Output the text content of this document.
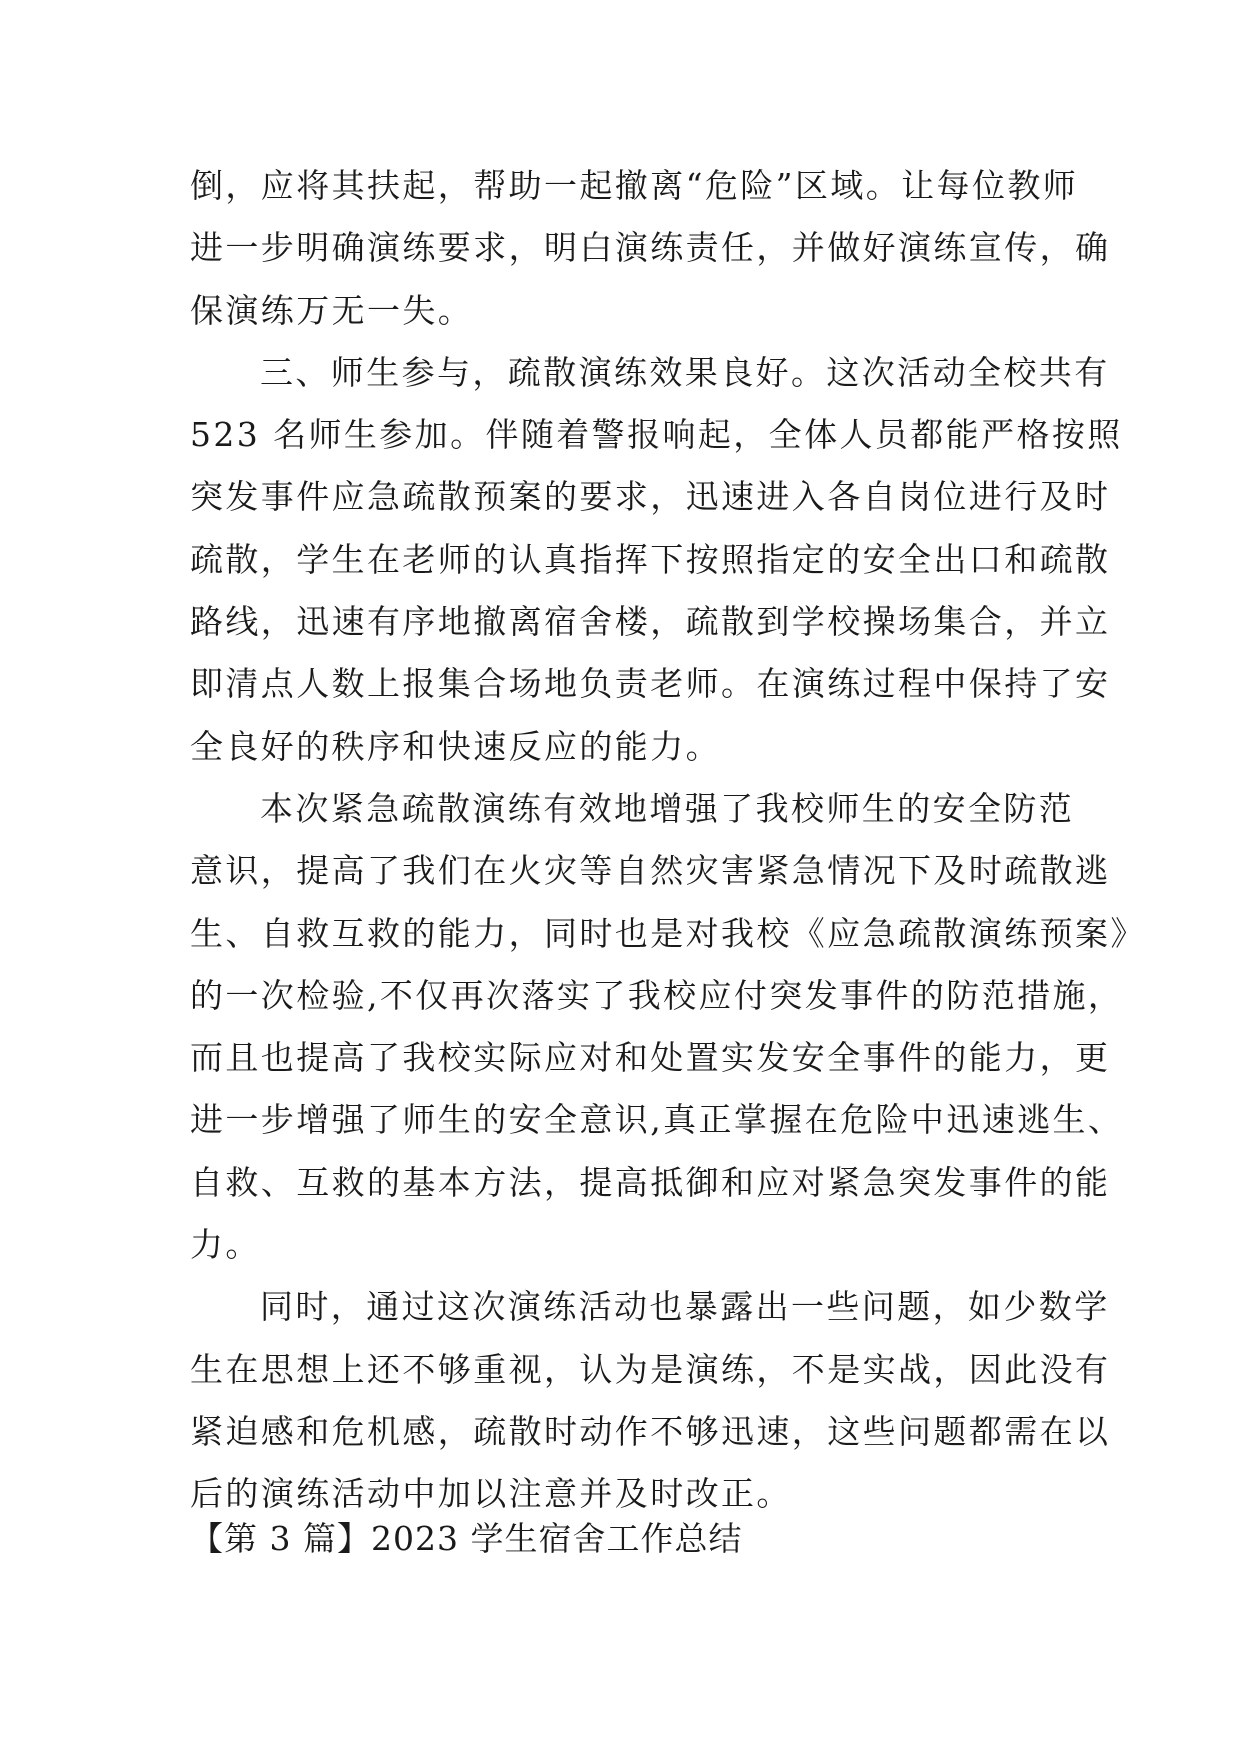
倒，应将其扶起，帮助一起撤离“危险”区域。让每位教师
进一步明确演练要求，明白演练责任，并做好演练宣传，确
保演练万无一失。
三、师生参与，疏散演练效果良好。这次活动全校共有
523 名师生参加。伴随着警报响起，全体人员都能严格按照
突发事件应急疏散预案的要求，迅速进入各自岗位进行及时
疏散，学生在老师的认真指挥下按照指定的安全出口和疏散
路线，迅速有序地撤离宿舍楼，疏散到学校操场集合，并立
即清点人数上报集合场地负责老师。在演练过程中保持了安
全良好的秩序和快速反应的能力。
本次紧急疏散演练有效地增强了我校师生的安全防范
意识，提高了我们在火灾等自然灾害紧急情况下及时疏散逃
生、自救互救的能力，同时也是对我校《应急疏散演练预案》
的一次检验,不仅再次落实了我校应付突发事件的防范措施，
而且也提高了我校实际应对和处置实发安全事件的能力，更
进一步增强了师生的安全意识,真正掌握在危险中迅速逃生、
自救、互救的基本方法，提高抵御和应对紧急突发事件的能
力。
同时，通过这次演练活动也暴露出一些问题，如少数学
生在思想上还不够重视，认为是演练，不是实战，因此没有
紧迫感和危机感，疏散时动作不够迅速，这些问题都需在以
后的演练活动中加以注意并及时改正。
【第 3 篇】2023 学生宿舍工作总结
